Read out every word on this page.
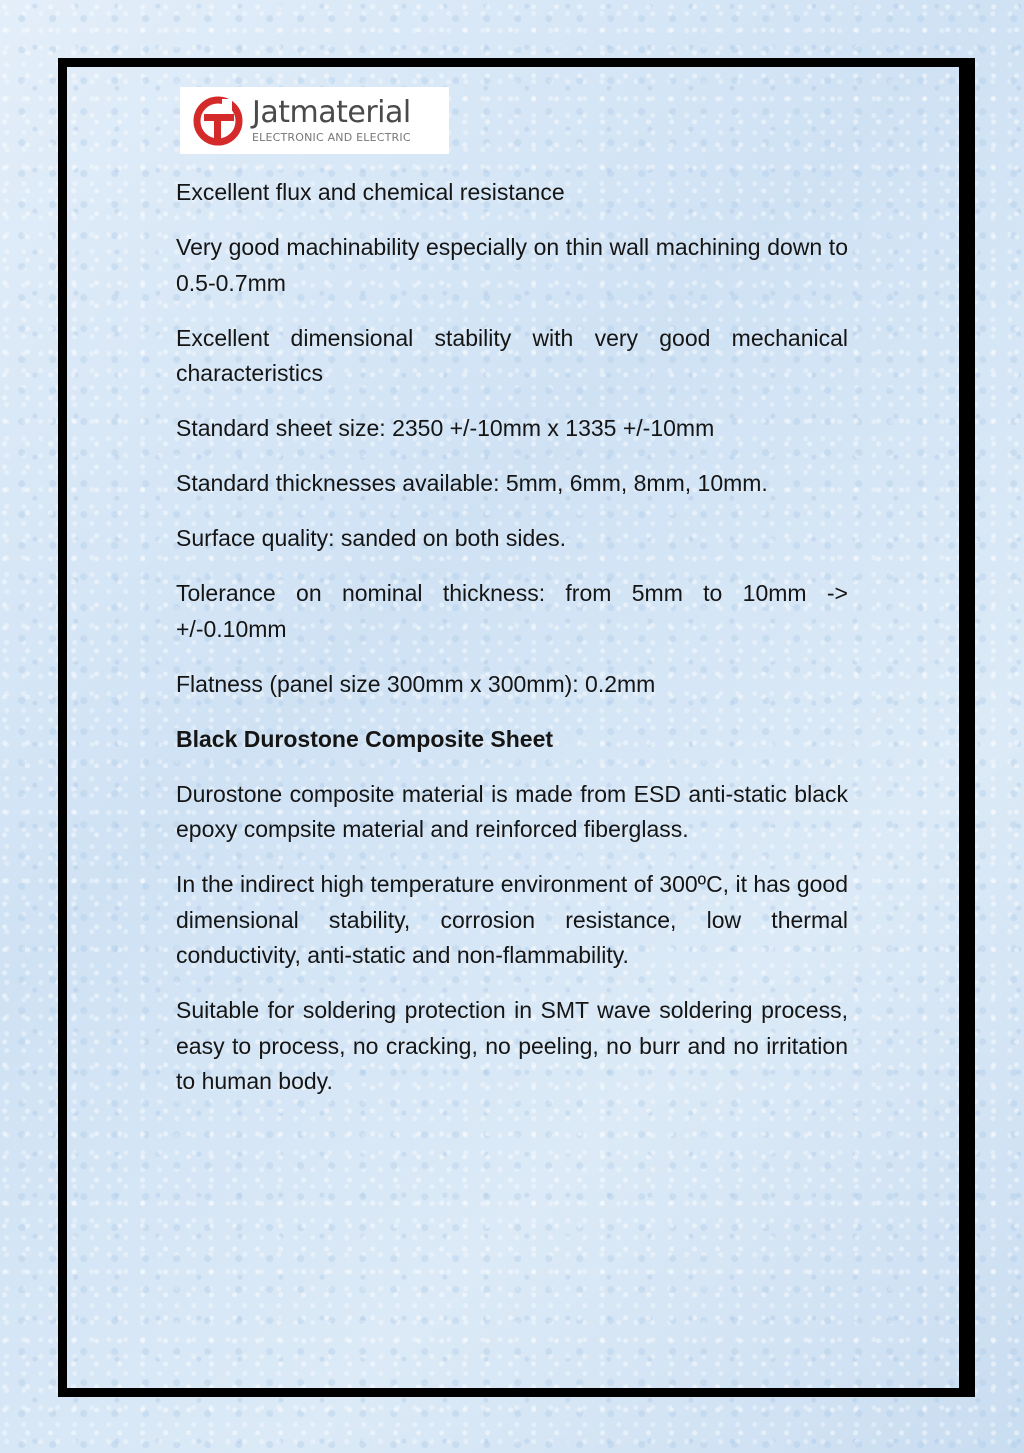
Jatmaterial
ELECTRONIC AND ELECTRIC

Excellent flux and chemical resistance

Very good machinability especially on thin wall machining down to 0.5-0.7mm

Excellent dimensional stability with very good mechanical characteristics

Standard sheet size: 2350 +/-10mm x 1335 +/-10mm

Standard thicknesses available: 5mm, 6mm, 8mm, 10mm.

Surface quality: sanded on both sides.

Tolerance on nominal thickness: from 5mm to 10mm -> +/-0.10mm

Flatness (panel size 300mm x 300mm): 0.2mm

Black Durostone Composite Sheet

Durostone composite material is made from ESD anti-static black epoxy compsite material and reinforced fiberglass.

In the indirect high temperature environment of 300ºC, it has good dimensional stability, corrosion resistance, low thermal conductivity, anti-static and non-flammability.

Suitable for soldering protection in SMT wave soldering process, easy to process, no cracking, no peeling, no burr and no irritation to human body.
